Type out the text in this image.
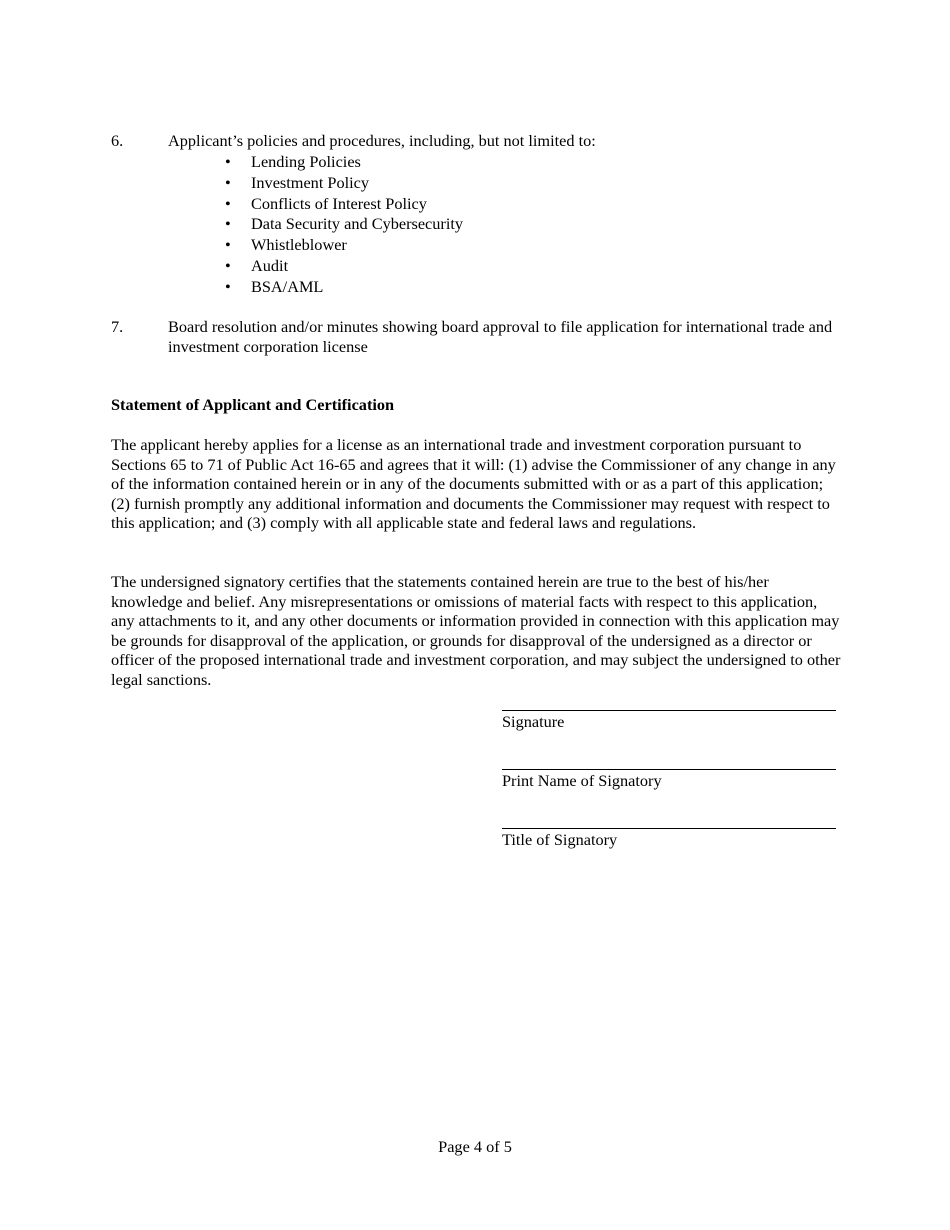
6.	Applicant’s policies and procedures, including, but not limited to:
• Lending Policies
• Investment Policy
• Conflicts of Interest Policy
• Data Security and Cybersecurity
• Whistleblower
• Audit
• BSA/AML
7.	Board resolution and/or minutes showing board approval to file application for international trade and investment corporation license
Statement of Applicant and Certification

The applicant hereby applies for a license as an international trade and investment corporation pursuant to Sections 65 to 71 of Public Act 16-65 and agrees that it will: (1) advise the Commissioner of any change in any of the information contained herein or in any of the documents submitted with or as a part of this application; (2) furnish promptly any additional information and documents the Commissioner may request with respect to this application; and (3) comply with all applicable state and federal laws and regulations.

The undersigned signatory certifies that the statements contained herein are true to the best of his/her knowledge and belief. Any misrepresentations or omissions of material facts with respect to this application, any attachments to it, and any other documents or information provided in connection with this application may be grounds for disapproval of the application, or grounds for disapproval of the undersigned as a director or officer of the proposed international trade and investment corporation, and may subject the undersigned to other legal sanctions.

Signature
Print Name of Signatory
Title of Signatory
Page 4 of 5
